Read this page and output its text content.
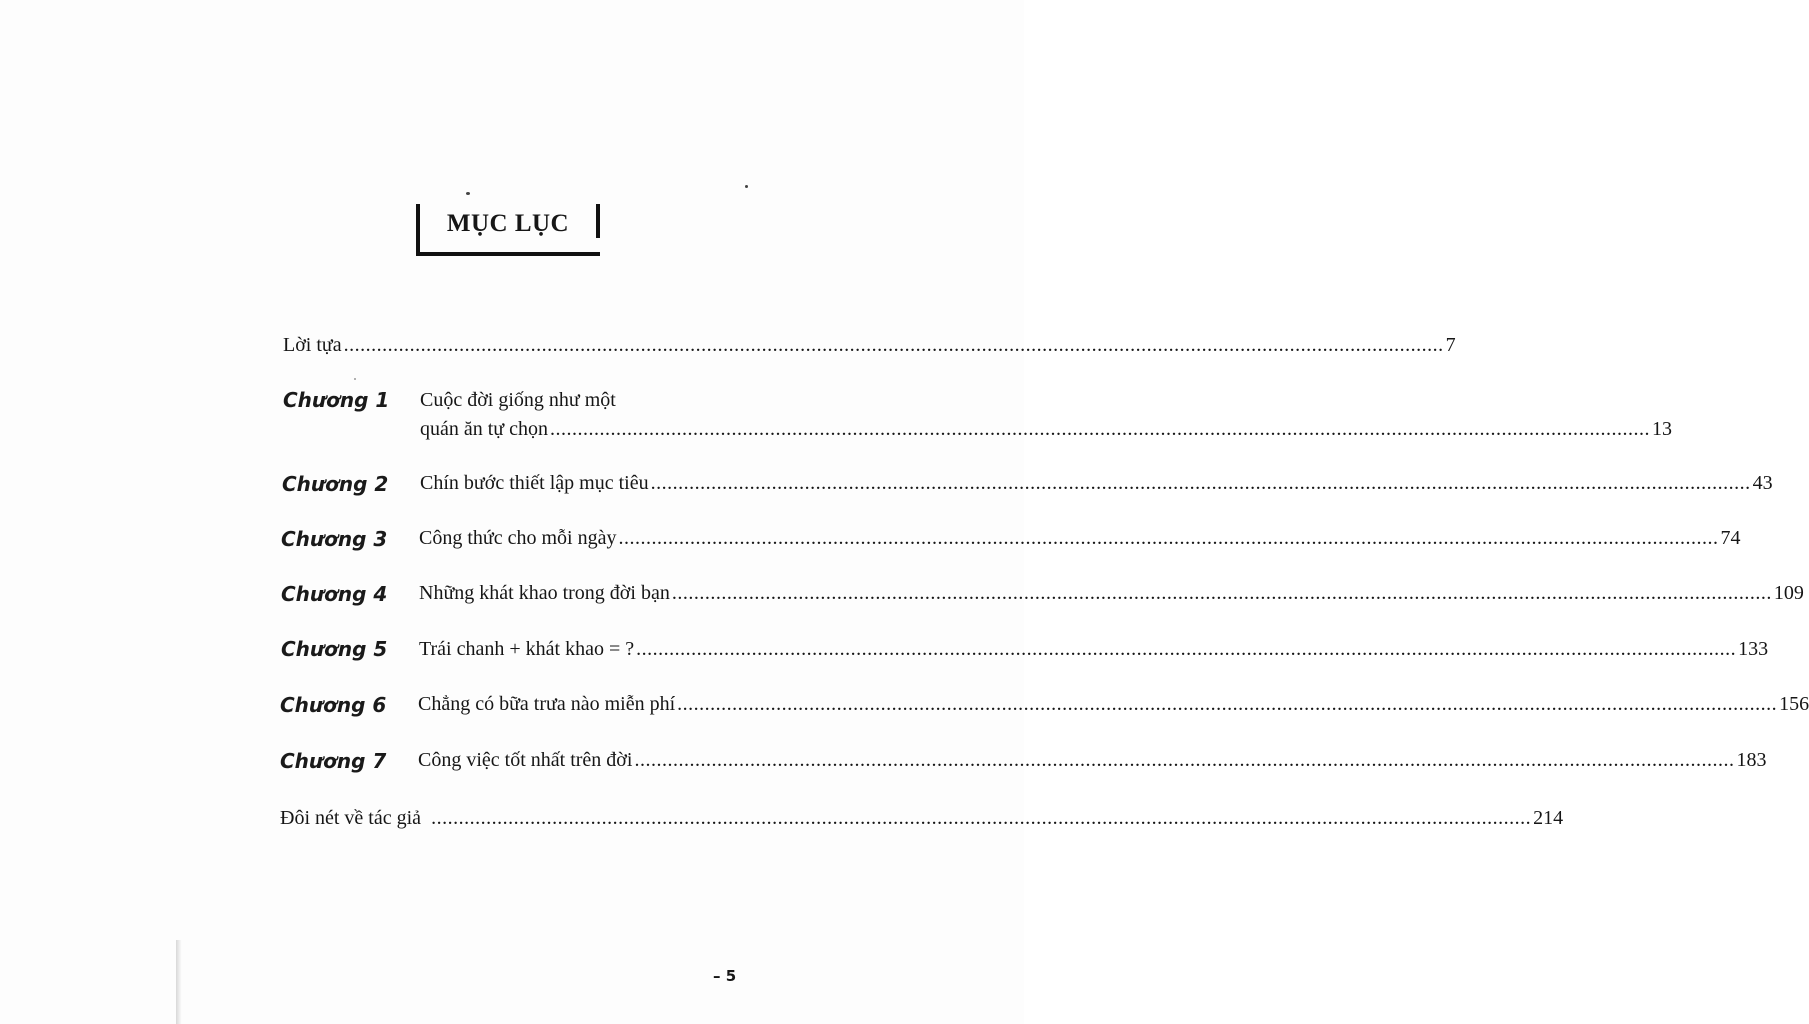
MỤC LỤC
Lời tựa ........................................................................................................................................................................................................ 7
Chương 1 Cuộc đời giống như một
quán ăn tự chọn ........................................................................................................................................................................................................ 13
Chương 2 Chín bước thiết lập mục tiêu ........................................................................................................................................................................................................ 43
Chương 3 Công thức cho mỗi ngày ........................................................................................................................................................................................................ 74
Chương 4 Những khát khao trong đời bạn ........................................................................................................................................................................................................ 109
Chương 5 Trái chanh + khát khao = ? ........................................................................................................................................................................................................ 133
Chương 6 Chẳng có bữa trưa nào miễn phí ........................................................................................................................................................................................................ 156
Chương 7 Công việc tốt nhất trên đời ........................................................................................................................................................................................................ 183
Đôi nét về tác giả ........................................................................................................................................................................................................ 214
– 5
